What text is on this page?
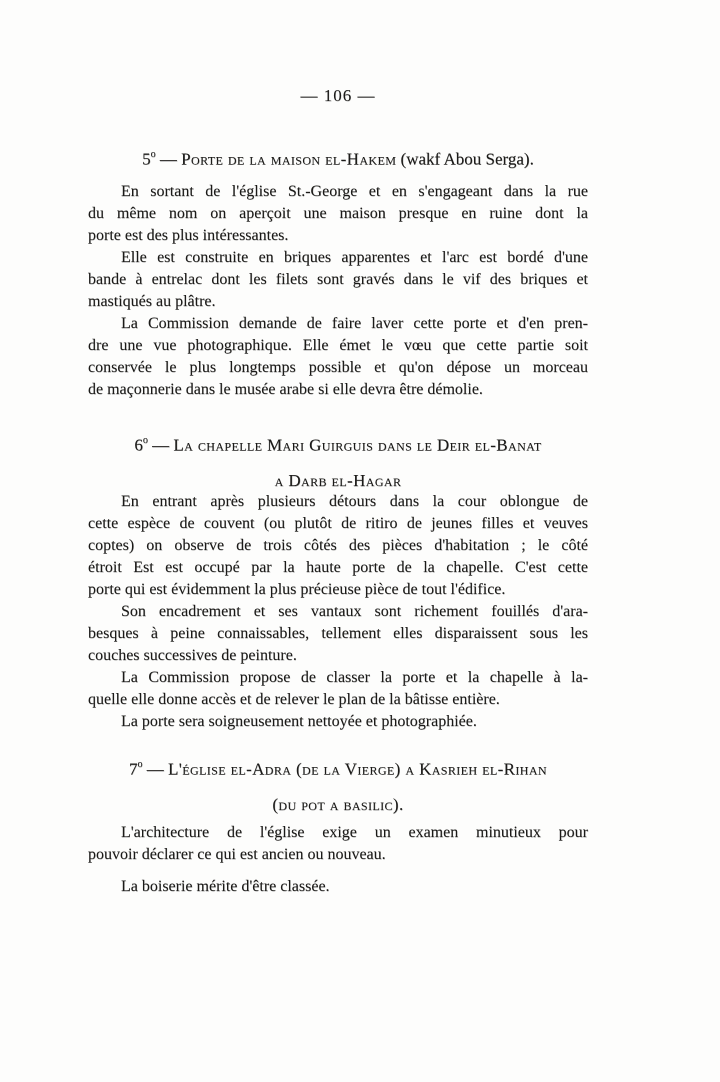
— 106 —
5$^o$ — Porte de la maison el-Hakem (wakf Abou Serga).
En sortant de l'église St.-George et en s'engageant dans la rue
du même nom on aperçoit une maison presque en ruine dont la
porte est des plus intéressantes.
Elle est construite en briques apparentes et l'arc est bordé d'une
bande à entrelac dont les filets sont gravés dans le vif des briques et
mastiqués au plâtre.
La Commission demande de faire laver cette porte et d'en pren-
dre une vue photographique. Elle émet le vœu que cette partie soit
conservée le plus longtemps possible et qu'on dépose un morceau
de maçonnerie dans le musée arabe si elle devra être démolie.
6$^o$ — La chapelle Mari Guirguis dans le Deir el-Banat
a Darb el-Hagar
En entrant après plusieurs détours dans la cour oblongue de
cette espèce de couvent (ou plutôt de ritiro de jeunes filles et veuves
coptes) on observe de trois côtés des pièces d'habitation ; le côté
étroit Est est occupé par la haute porte de la chapelle. C'est cette
porte qui est évidemment la plus précieuse pièce de tout l'édifice.
Son encadrement et ses vantaux sont richement fouillés d'ara-
besques à peine connaissables, tellement elles disparaissent sous les
couches successives de peinture.
La Commission propose de classer la porte et la chapelle à la-
quelle elle donne accès et de relever le plan de la bâtisse entière.
La porte sera soigneusement nettoyée et photographiée.
7$^o$ — L'église el-Adra (de la Vierge) a Kasrieh el-Rihan
(du pot a basilic).
L'architecture de l'église exige un examen minutieux pour
pouvoir déclarer ce qui est ancien ou nouveau.
La boiserie mérite d'être classée.
